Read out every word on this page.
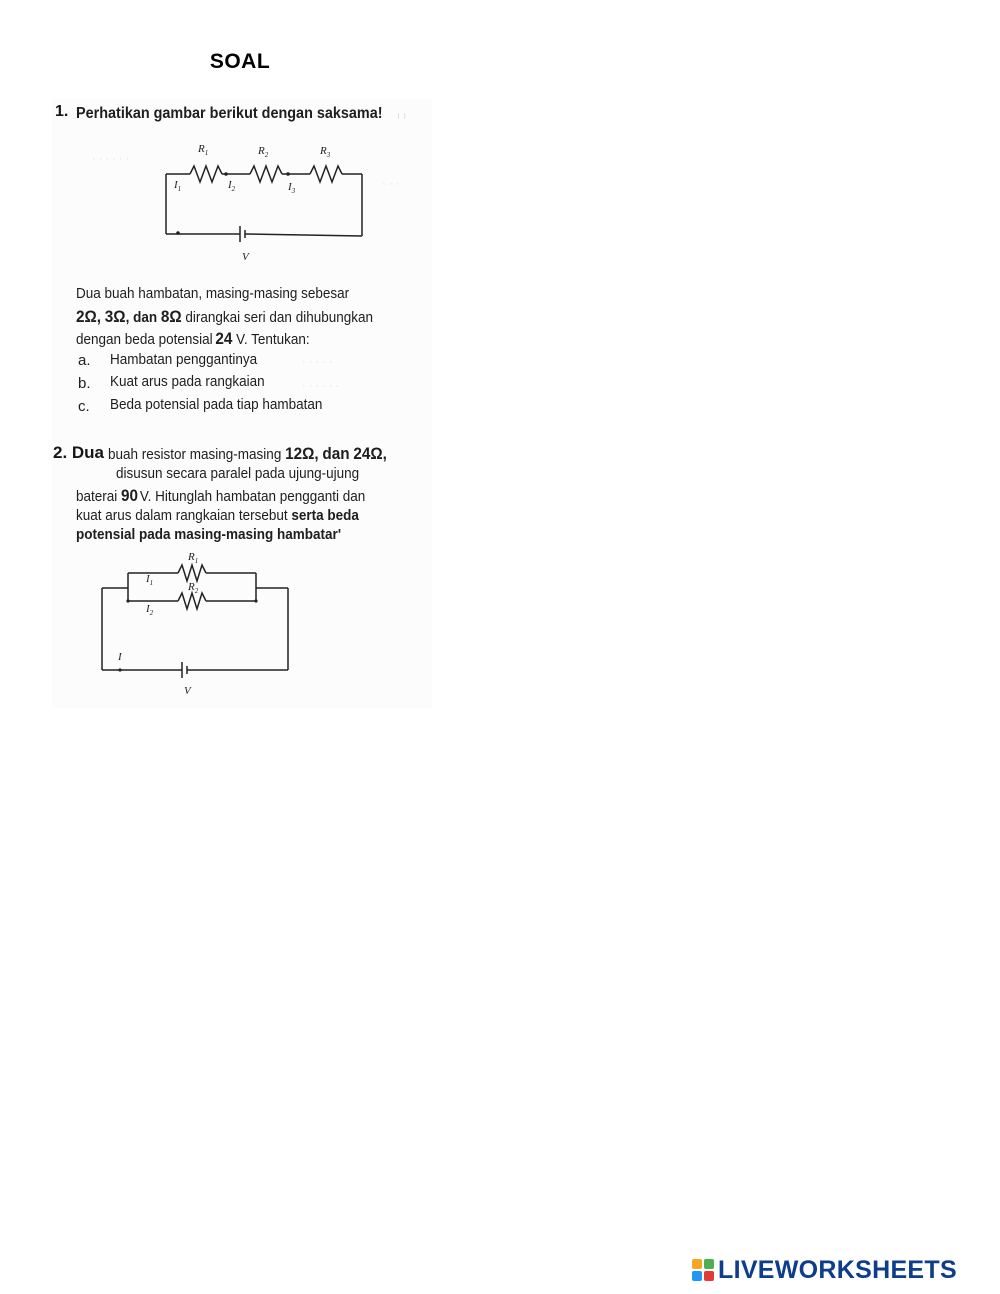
SOAL
ı ı
· · · · · ·
· · ·
· · · · ·
· · · · · ·
1. Perhatikan gambar berikut dengan saksama!
$R_1$	$R_2$	$R_3$
$I_1$	$I_2$	$I_3$
V
Dua buah hambatan, masing-masing sebesar
2Ω, 3Ω, dan 8Ω dirangkai seri dan dihubungkan
dengan beda potensial 24 V. Tentukan:
a. Hambatan penggantinya
b. Kuat arus pada rangkaian
c. Beda potensial pada tiap hambatan
2. Dua buah resistor masing-masing 12Ω, dan 24Ω,
disusun secara paralel pada ujung-ujung
baterai 90 V. Hitunglah hambatan pengganti dan
kuat arus dalam rangkaian tersebut serta beda
potensial pada masing-masing hambatar'
$R_1$
$R_2$
$I_1$
$I_2$
I
V
LIVEWORKSHEETS
